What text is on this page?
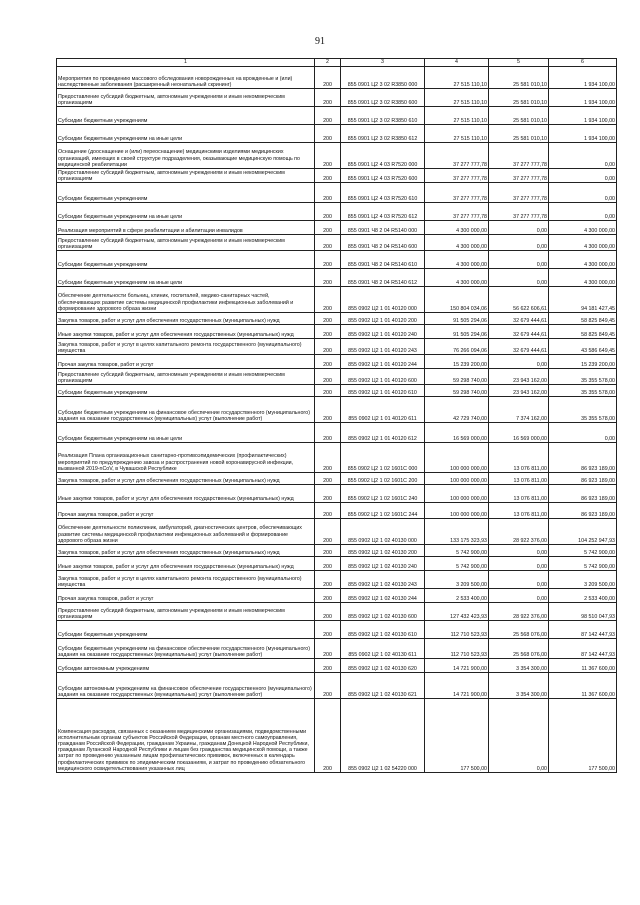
91
1	2	3	4	5	6
Мероприятия по проведению массового обследования новорожденных на врожденные и (или) наследственные заболевания (расширенный неонатальный скрининг)	200	855 0901 Ц2 3 02 R3850 000	27 515 110,10	25 581 010,10	1 934 100,00
Предоставление субсидий бюджетным, автономным учреждениям и иным некоммерческим организациям	200	855 0901 Ц2 3 02 R3850 600	27 515 110,10	25 581 010,10	1 934 100,00
Субсидии бюджетным учреждениям	200	855 0901 Ц2 3 02 R3850 610	27 515 110,10	25 581 010,10	1 934 100,00
Субсидии бюджетным учреждениям на иные цели	200	855 0901 Ц2 3 02 R3850 612	27 515 110,10	25 581 010,10	1 934 100,00
Оснащение (дооснащение и (или) переоснащение) медицинскими изделиями медицинских организаций, имеющих в своей структуре подразделения, оказывающие медицинскую помощь по медицинской реабилитации	200	855 0901 Ц2 4 03 R7520 000	37 277 777,78	37 277 777,78	0,00
Предоставление субсидий бюджетным, автономным учреждениям и иным некоммерческим организациям	200	855 0901 Ц2 4 03 R7520 600	37 277 777,78	37 277 777,78	0,00
Субсидии бюджетным учреждениям	200	855 0901 Ц2 4 03 R7520 610	37 277 777,78	37 277 777,78	0,00
Субсидии бюджетным учреждениям на иные цели	200	855 0901 Ц2 4 03 R7520 612	37 277 777,78	37 277 777,78	0,00
Реализация мероприятий в сфере реабилитации и абилитации инвалидов	200	855 0901 Ч8 2 04 R5140 000	4 300 000,00	0,00	4 300 000,00
Предоставление субсидий бюджетным, автономным учреждениям и иным некоммерческим организациям	200	855 0901 Ч8 2 04 R5140 600	4 300 000,00	0,00	4 300 000,00
Субсидии бюджетным учреждениям	200	855 0901 Ч8 2 04 R5140 610	4 300 000,00	0,00	4 300 000,00
Субсидии бюджетным учреждениям на иные цели	200	855 0901 Ч8 2 04 R5140 612	4 300 000,00	0,00	4 300 000,00
Обеспечение деятельности больниц, клиник, госпиталей, медико-санитарных частей, обеспечивающих развитие системы медицинской профилактики инфекционных заболеваний и формирование здорового образа жизни	200	855 0902 Ц2 1 01 40120 000	150 804 034,06	56 622 606,61	94 181 427,45
Закупка товаров, работ и услуг для обеспечения государственных (муниципальных) нужд	200	855 0902 Ц2 1 01 40120 200	91 505 294,06	32 679 444,61	58 825 849,45
Иные закупки товаров, работ и услуг для обеспечения государственных (муниципальных) нужд	200	855 0902 Ц2 1 01 40120 240	91 505 294,06	32 679 444,61	58 825 849,45
Закупка товаров, работ и услуг в целях капитального ремонта государственного (муниципального) имущества	200	855 0902 Ц2 1 01 40120 243	76 266 094,06	32 679 444,61	43 586 649,45
Прочая закупка товаров, работ и услуг	200	855 0902 Ц2 1 01 40120 244	15 239 200,00	0,00	15 239 200,00
Предоставление субсидий бюджетным, автономным учреждениям и иным некоммерческим организациям	200	855 0902 Ц2 1 01 40120 600	59 298 740,00	23 943 162,00	35 355 578,00
Субсидии бюджетным учреждениям	200	855 0902 Ц2 1 01 40120 610	59 298 740,00	23 943 162,00	35 355 578,00
Субсидии бюджетным учреждениям на финансовое обеспечение государственного (муниципального) задания на оказание государственных (муниципальных) услуг (выполнение работ)	200	855 0902 Ц2 1 01 40120 611	42 729 740,00	7 374 162,00	35 355 578,00
Субсидии бюджетным учреждениям на иные цели	200	855 0902 Ц2 1 01 40120 612	16 569 000,00	16 569 000,00	0,00
Реализация Плана организационных санитарно-противоэпидемических (профилактических) мероприятий по предупреждению завоза и распространения новой коронавирусной инфекции, вызванной 2019-nCoV, в Чувашской Республике	200	855 0902 Ц2 1 02 1601С 000	100 000 000,00	13 076 811,00	86 923 189,00
Закупка товаров, работ и услуг для обеспечения государственных (муниципальных) нужд	200	855 0902 Ц2 1 02 1601С 200	100 000 000,00	13 076 811,00	86 923 189,00
Иные закупки товаров, работ и услуг для обеспечения государственных (муниципальных) нужд	200	855 0902 Ц2 1 02 1601С 240	100 000 000,00	13 076 811,00	86 923 189,00
Прочая закупка товаров, работ и услуг	200	855 0902 Ц2 1 02 1601С 244	100 000 000,00	13 076 811,00	86 923 189,00
Обеспечение деятельности поликлиник, амбулаторий, диагностических центров, обеспечивающих развитие системы медицинской профилактики инфекционных заболеваний и формирование здорового образа жизни	200	855 0902 Ц2 1 02 40130 000	133 175 323,93	28 922 376,00	104 252 947,93
Закупка товаров, работ и услуг для обеспечения государственных (муниципальных) нужд	200	855 0902 Ц2 1 02 40130 200	5 742 900,00	0,00	5 742 900,00
Иные закупки товаров, работ и услуг для обеспечения государственных (муниципальных) нужд	200	855 0902 Ц2 1 02 40130 240	5 742 900,00	0,00	5 742 900,00
Закупка товаров, работ и услуг в целях капитального ремонта государственного (муниципального) имущества	200	855 0902 Ц2 1 02 40130 243	3 209 500,00	0,00	3 209 500,00
Прочая закупка товаров, работ и услуг	200	855 0902 Ц2 1 02 40130 244	2 533 400,00	0,00	2 533 400,00
Предоставление субсидий бюджетным, автономным учреждениям и иным некоммерческим организациям	200	855 0902 Ц2 1 02 40130 600	127 432 423,93	28 922 376,00	98 510 047,93
Субсидии бюджетным учреждениям	200	855 0902 Ц2 1 02 40130 610	112 710 523,93	25 568 076,00	87 142 447,93
Субсидии бюджетным учреждениям на финансовое обеспечение государственного (муниципального) задания на оказание государственных (муниципальных) услуг (выполнение работ)	200	855 0902 Ц2 1 02 40130 611	112 710 523,93	25 568 076,00	87 142 447,93
Субсидии автономным учреждениям	200	855 0902 Ц2 1 02 40130 620	14 721 900,00	3 354 300,00	11 367 600,00
Субсидии автономным учреждениям на финансовое обеспечение государственного (муниципального) задания на оказание государственных (муниципальных) услуг (выполнение работ)	200	855 0902 Ц2 1 02 40130 621	14 721 900,00	3 354 300,00	11 367 600,00
Компенсация расходов, связанных с оказанием медицинскими организациями, подведомственными исполнительным органам субъектов Российской Федерации, органам местного самоуправления, гражданам Российской Федерации, гражданам Украины, гражданам Донецкой Народной Республики, гражданам Луганской Народной Республики и лицам без гражданства медицинской помощи, а также затрат по проведению указанным лицам профилактических прививок, включенных в календарь профилактических прививок по эпидемическим показаниям, и затрат по проведению обязательного медицинского освидетельствования указанных лиц	200	855 0902 Ц2 1 02 54220 000	177 500,00	0,00	177 500,00
